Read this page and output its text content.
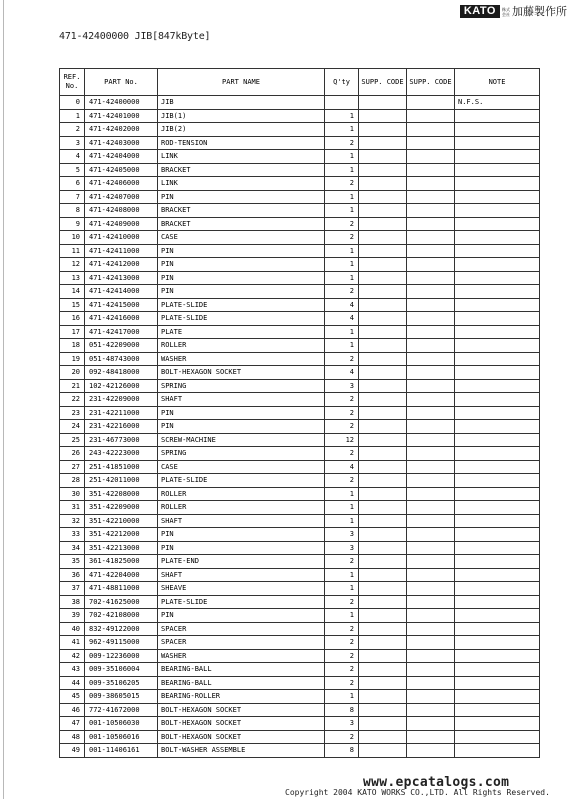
KATO	株式
会社 加藤製作所
471-42400000 JIB[847kByte]
REF. No.	PART No.	PART NAME	Q'ty	SUPP. CODE	SUPP. CODE	NOTE
0	471-42400000	JIB				N.F.S.
1	471-42401000	JIB(1)	1			
2	471-42402000	JIB(2)	1			
3	471-42403000	ROD-TENSION	2			
4	471-42404000	LINK	1			
5	471-42405000	BRACKET	1			
6	471-42406000	LINK	2			
7	471-42407000	PIN	1			
8	471-42408000	BRACKET	1			
9	471-42409000	BRACKET	2			
10	471-42410000	CASE	2			
11	471-42411000	PIN	1			
12	471-42412000	PIN	1			
13	471-42413000	PIN	1			
14	471-42414000	PIN	2			
15	471-42415000	PLATE-SLIDE	4			
16	471-42416000	PLATE-SLIDE	4			
17	471-42417000	PLATE	1			
18	051-42209000	ROLLER	1			
19	051-48743000	WASHER	2			
20	092-48418000	BOLT-HEXAGON SOCKET	4			
21	102-42126000	SPRING	3			
22	231-42209000	SHAFT	2			
23	231-42211000	PIN	2			
24	231-42216000	PIN	2			
25	231-46773000	SCREW-MACHINE	12			
26	243-42223000	SPRING	2			
27	251-41851000	CASE	4			
28	251-42011000	PLATE-SLIDE	2			
30	351-42208000	ROLLER	1			
31	351-42209000	ROLLER	1			
32	351-42210000	SHAFT	1			
33	351-42212000	PIN	3			
34	351-42213000	PIN	3			
35	361-41825000	PLATE-END	2			
36	471-42204000	SHAFT	1			
37	471-48811000	SHEAVE	1			
38	702-41625000	PLATE-SLIDE	2			
39	702-42108000	PIN	1			
40	832-49122000	SPACER	2			
41	962-49115000	SPACER	2			
42	009-12236000	WASHER	2			
43	009-35106004	BEARING-BALL	2			
44	009-35106205	BEARING-BALL	2			
45	009-38605015	BEARING-ROLLER	1			
46	772-41672000	BOLT-HEXAGON SOCKET	8			
47	001-10506030	BOLT-HEXAGON SOCKET	3			
48	001-10506016	BOLT-HEXAGON SOCKET	2			
49	001-11406161	BOLT-WASHER ASSEMBLE	8			
www.epcatalogs.com
Copyright 2004 KATO WORKS CO.,LTD. All Rights Reserved.
